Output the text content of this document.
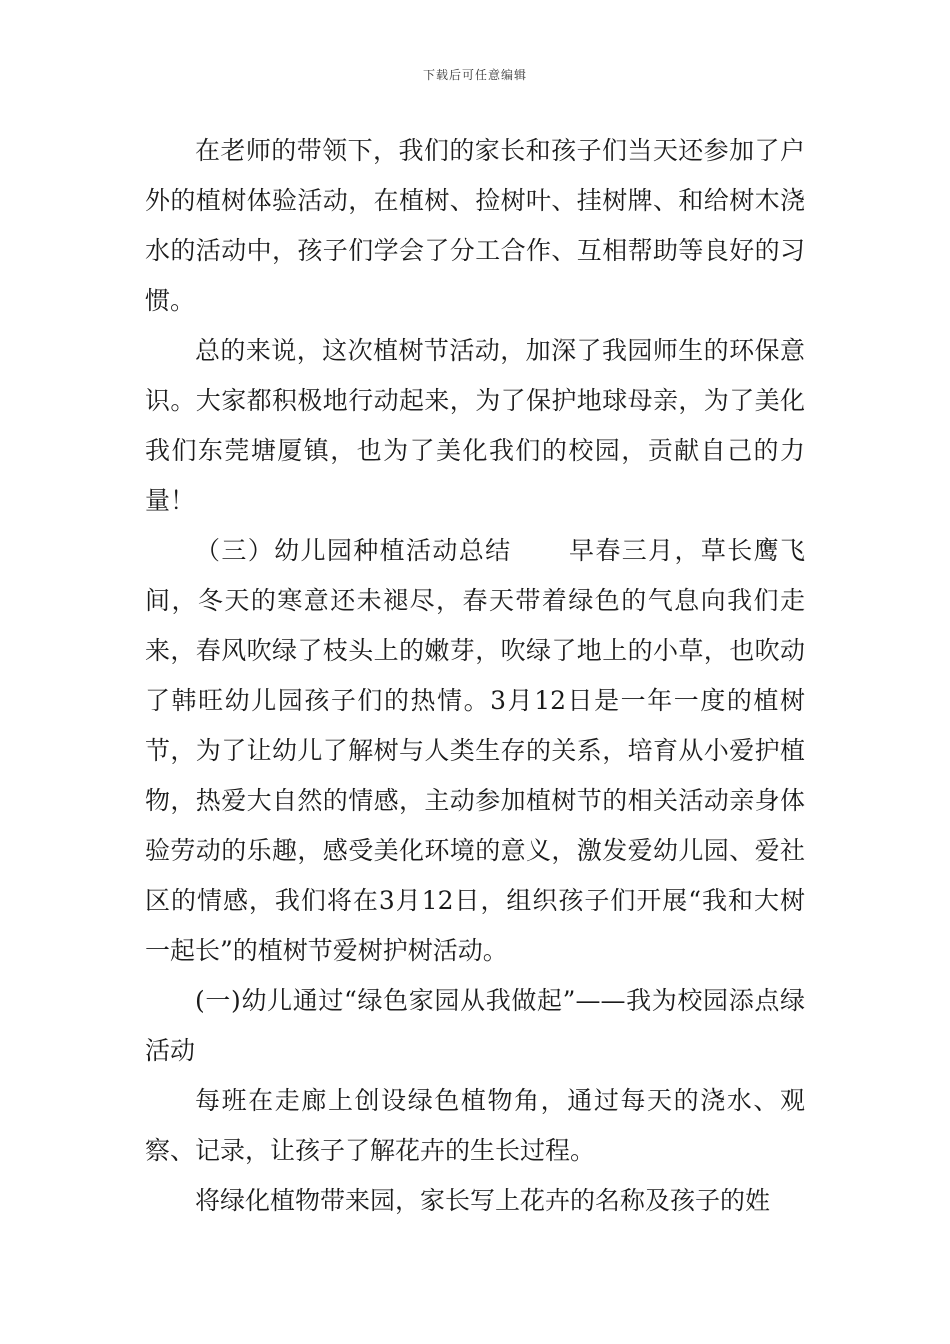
下载后可任意编辑

在老师的带领下，我们的家长和孩子们当天还参加了户外的植树体验活动，在植树、捡树叶、挂树牌、和给树木浇水的活动中，孩子们学会了分工合作、互相帮助等良好的习惯。

总的来说，这次植树节活动，加深了我园师生的环保意识。大家都积极地行动起来，为了保护地球母亲，为了美化我们东莞塘厦镇，也为了美化我们的校园，贡献自己的力量！

（三）幼儿园种植活动总结 早春三月，草长鹰飞间，冬天的寒意还未褪尽，春天带着绿色的气息向我们走来，春风吹绿了枝头上的嫩芽，吹绿了地上的小草，也吹动了韩旺幼儿园孩子们的热情。3月12日是一年一度的植树节，为了让幼儿了解树与人类生存的关系，培育从小爱护植物，热爱大自然的情感，主动参加植树节的相关活动亲身体验劳动的乐趣，感受美化环境的意义，激发爱幼儿园、爱社区的情感，我们将在3月12日，组织孩子们开展“我和大树一起长”的植树节爱树护树活动。

(一)幼儿通过“绿色家园从我做起”——我为校园添点绿活动

每班在走廊上创设绿色植物角，通过每天的浇水、观察、记录，让孩子了解花卉的生长过程。

将绿化植物带来园，家长写上花卉的名称及孩子的姓
